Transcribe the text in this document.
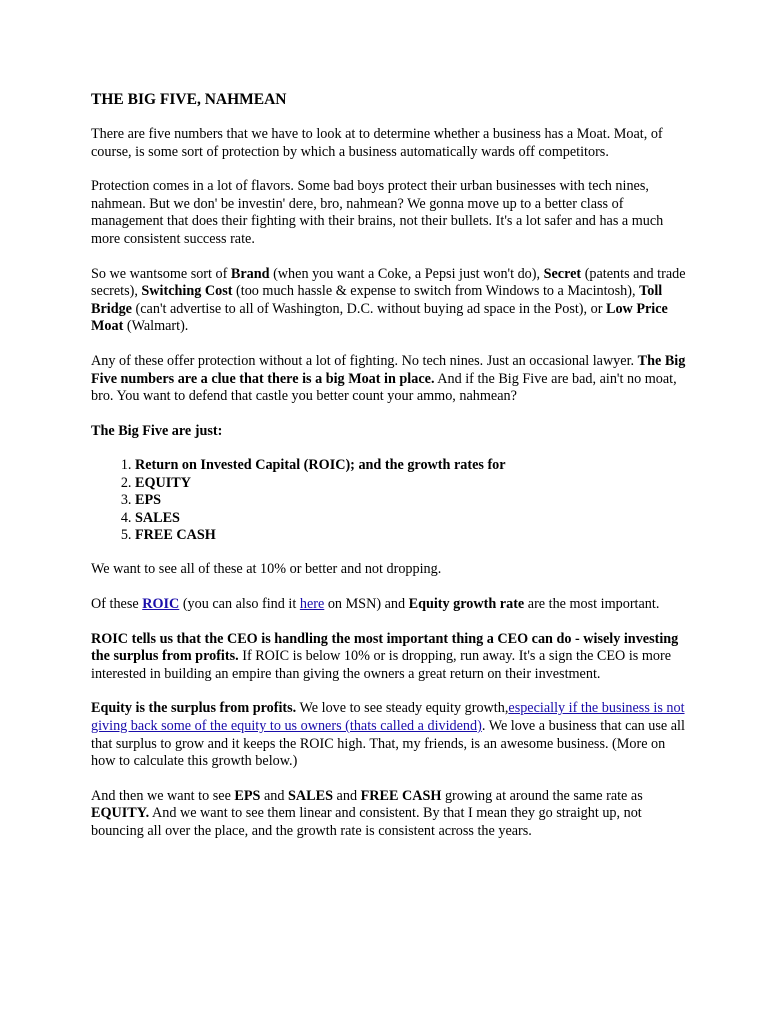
THE BIG FIVE, NAHMEAN

There are five numbers that we have to look at to determine whether a business has a Moat. Moat, of course, is some sort of protection by which a business automatically wards off competitors.

Protection comes in a lot of flavors. Some bad boys protect their urban businesses with tech nines, nahmean. But we don' be investin' dere, bro, nahmean? We gonna move up to a better class of management that does their fighting with their brains, not their bullets. It's a lot safer and has a much more consistent success rate.

So we wantsome sort of Brand (when you want a Coke, a Pepsi just won't do), Secret (patents and trade secrets), Switching Cost (too much hassle & expense to switch from Windows to a Macintosh), Toll Bridge (can't advertise to all of Washington, D.C. without buying ad space in the Post), or Low Price Moat (Walmart).

Any of these offer protection without a lot of fighting. No tech nines. Just an occasional lawyer. The Big Five numbers are a clue that there is a big Moat in place. And if the Big Five are bad, ain't no moat, bro. You want to defend that castle you better count your ammo, nahmean?

The Big Five are just:

1. Return on Invested Capital (ROIC); and the growth rates for
2. EQUITY
3. EPS
4. SALES
5. FREE CASH

We want to see all of these at 10% or better and not dropping.

Of these ROIC (you can also find it here on MSN) and Equity growth rate are the most important.

ROIC tells us that the CEO is handling the most important thing a CEO can do - wisely investing the surplus from profits. If ROIC is below 10% or is dropping, run away. It's a sign the CEO is more interested in building an empire than giving the owners a great return on their investment.

Equity is the surplus from profits. We love to see steady equity growth,especially if the business is not giving back some of the equity to us owners (thats called a dividend). We love a business that can use all that surplus to grow and it keeps the ROIC high. That, my friends, is an awesome business. (More on how to calculate this growth below.)

And then we want to see EPS and SALES and FREE CASH growing at around the same rate as EQUITY. And we want to see them linear and consistent. By that I mean they go straight up, not bouncing all over the place, and the growth rate is consistent across the years.
